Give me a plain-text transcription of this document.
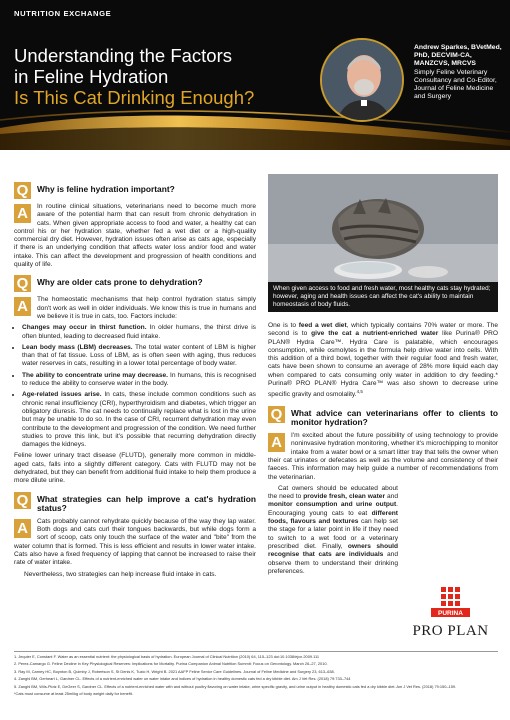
NUTRITION EXCHANGE
Understanding the Factors
in Feline Hydration
Is This Cat Drinking Enough?
Andrew Sparkes, BVetMed, PhD, DECVIM-CA, MANZCVS, MRCVS
Simply Feline Veterinary Consultancy and Co-Editor, Journal of Feline Medicine and Surgery
Q	Why is feline hydration important?
A	In routine clinical situations, veterinarians need to become much more aware of the potential harm that can result from chronic dehydration in cats. When given appropriate access to food and water, a healthy cat can control his or her hydration state, whether fed a wet diet or a high-quality commercial dry diet. However, hydration issues often arise as cats age, especially if there is an underlying condition that affects water loss and/or food and water intake. This can affect the development and progression of health conditions and quality of life.
Q	Why are older cats prone to dehydration?
A	The homeostatic mechanisms that help control hydration status simply don't work as well in older individuals. We know this is true in humans and we believe it is true in cats, too. Factors include:
• Changes may occur in thirst function. In older humans, the thirst drive is often blunted, leading to decreased fluid intake.
• Lean body mass (LBM) decreases. The total water content of LBM is higher than that of fat tissue. Loss of LBM, as is often seen with aging, thus reduces water reserves in cats, resulting in a lower total percentage of body water.
• The ability to concentrate urine may decrease. In humans, this is recognised to reduce the ability to conserve water in the body.
• Age-related issues arise. In cats, these include common conditions such as chronic renal insufficiency (CRI), hyperthyroidism and diabetes, which trigger an obligatory diuresis. The cat needs to continually replace what is lost in the urine but may be unable to do so. In the case of CRI, recurrent dehydration may even contribute to the development and progression of the condition. We need further studies to prove this link, but it's possible that recurring dehydration directly damages the kidneys.
Feline lower urinary tract disease (FLUTD), generally more common in middle-aged cats, falls into a slightly different category. Cats with FLUTD may not be dehydrated, but they can benefit from additional fluid intake to help them produce a more dilute urine.
Q	What strategies can help improve a cat's hydration status?
A	Cats probably cannot rehydrate quickly because of the way they lap water. Both dogs and cats curl their tongues backwards, but while dogs form a sort of scoop, cats only touch the surface of the water and "bite" from the water column that is formed. This is less efficient and results in lower water intake. Cats also have a fixed frequency of lapping that cannot be increased to raise their rate of water intake.
Nevertheless, two strategies can help increase fluid intake in cats.
When given access to food and fresh water, most healthy cats stay hydrated; however, aging and health issues can affect the cat's ability to maintain homeostasis of body fluids.
One is to feed a wet diet, which typically contains 70% water or more. The second is to give the cat a nutrient-enriched water like Purina® PRO PLAN® Hydra Care™. Hydra Care is palatable, which encourages consumption, while osmolytes in the formula help drive water into cells. With this addition of a third bowl, together with their regular food and fresh water, cats have been shown to consume an average of 28% more liquid each day when compared to cats consuming only water in addition to dry feeding.* Purina® PRO PLAN® Hydra Care™ was also shown to decrease urine specific gravity and osmolality.$^{4,5}$
Q	What advice can veterinarians offer to clients to monitor hydration?
A	I'm excited about the future possibility of using technology to provide noninvasive hydration monitoring, whether it's microchipping to monitor intake from a water bowl or a smart litter tray that tells the owner when their cat urinates or defecates as well as the volume and consistency of their faeces. This information may help guide a number of recommendations from the veterinarian.
Cat owners should be educated about the need to provide fresh, clean water and monitor consumption and urine output. Encouraging young cats to eat different foods, flavours and textures can help set the stage for a later point in life if they need to switch to a wet food or a veterinary prescribed diet. Finally, owners should recognise that cats are individuals and observe them to understand their drinking preferences.
PURINA
PRO PLAN
1. Jequier E, Constant F. Water as an essential nutrient: the physiological basis of hydration. European Journal of Clinical Nutrition (2010) 64, 115–123 doi:10.1038/ejcn.2009.111
2. Perez-Camargo G. Feline Decline in Key Physiological Reserves: Implications for Mortality. Purina Companion Animal Nutrition Summit: Focus on Gerontology. March 26–27, 2010.
3. Ray M, Carney HC, Boynton B, Quimby J, Robertson S, St Denis K, Tuzio H, Wright B. 2021 AAFP Feline Senior Care Guidelines. Journal of Feline Medicine and Surgery 23, 613–638.
4. Zanghi BM, Gerheart L, Gardner CL. Effects of a nutrient-enriched water on water intake and indices of hydration in healthy domestic cats fed a dry kibble diet. Am J Vet Res. (2018) 79:733–744
5. Zanghi BM, Wils-Plotz E, DeGeer S, Gardner CL. Effects of a nutrient-enriched water with and without poultry flavoring on water intake, urine specific gravity, and urine output in healthy domestic cats fed a dry kibble diet. Am J Vet Res. (2018) 79:150–159.
*Cats must consume at least 25ml/kg of body weight daily for benefit.
